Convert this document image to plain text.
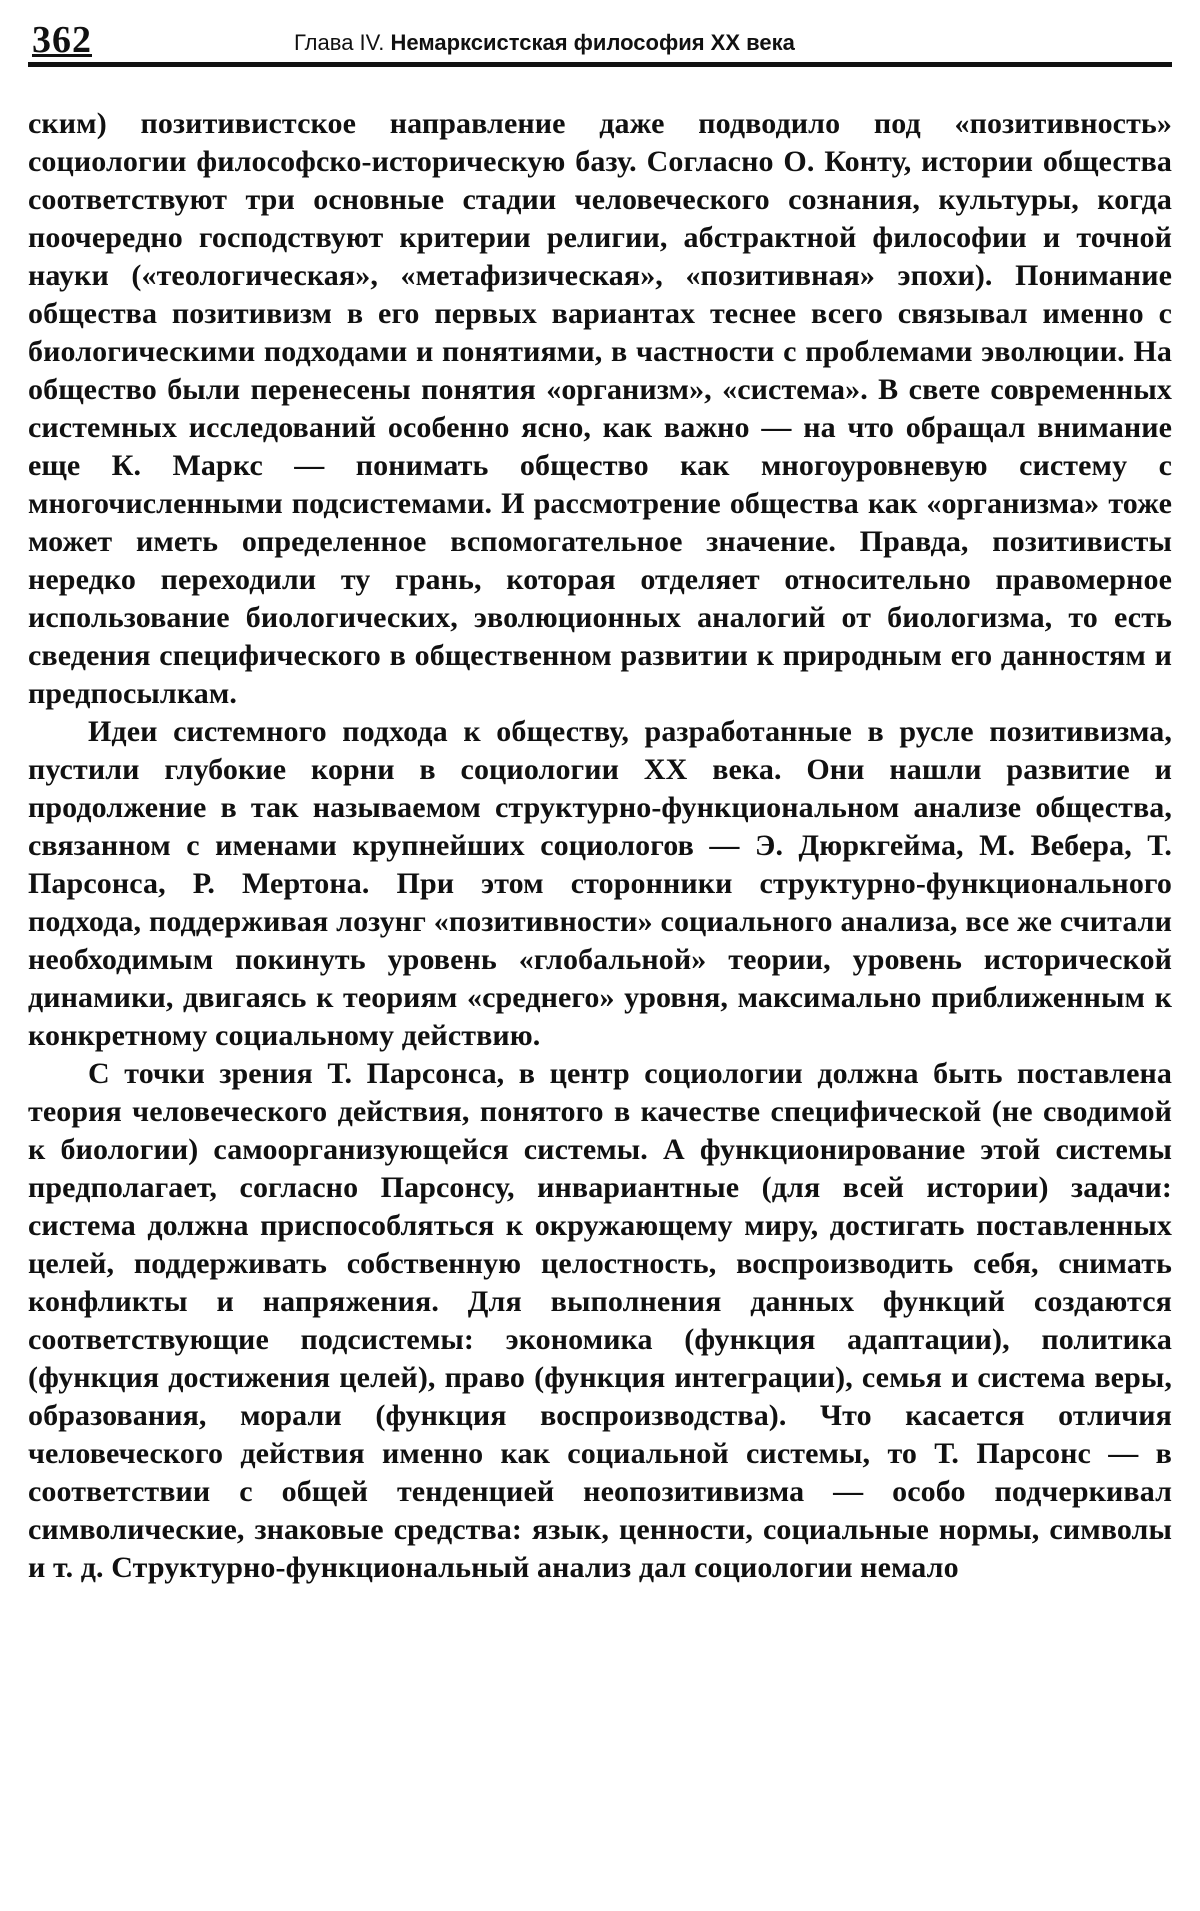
362	Глава IV. Немарксистская философия XX века

ским) позитивистское направление даже подводило под «позитивность» социологии философско-историческую базу. Согласно О. Конту, истории общества соответствуют три основные стадии человеческого сознания, культуры, когда поочередно господствуют критерии религии, абстрактной философии и точной науки («теологическая», «метафизическая», «позитивная» эпохи). Понимание общества позитивизм в его первых вариантах теснее всего связывал именно с биологическими подходами и понятиями, в частности с проблемами эволюции. На общество были перенесены понятия «организм», «система». В свете современных системных исследований особенно ясно, как важно — на что обращал внимание еще К. Маркс — понимать общество как многоуровневую систему с многочисленными подсистемами. И рассмотрение общества как «организма» тоже может иметь определенное вспомогательное значение. Правда, позитивисты нередко переходили ту грань, которая отделяет относительно правомерное использование биологических, эволюционных аналогий от биологизма, то есть сведения специфического в общественном развитии к природным его данностям и предпосылкам.

Идеи системного подхода к обществу, разработанные в русле позитивизма, пустили глубокие корни в социологии XX века. Они нашли развитие и продолжение в так называемом структурно-функциональном анализе общества, связанном с именами крупнейших социологов — Э. Дюркгейма, М. Вебера, Т. Парсонса, Р. Мертона. При этом сторонники структурно-функционального подхода, поддерживая лозунг «позитивности» социального анализа, все же считали необходимым покинуть уровень «глобальной» теории, уровень исторической динамики, двигаясь к теориям «среднего» уровня, максимально приближенным к конкретному социальному действию.

С точки зрения Т. Парсонса, в центр социологии должна быть поставлена теория человеческого действия, понятого в качестве специфической (не сводимой к биологии) самоорганизующейся системы. А функционирование этой системы предполагает, согласно Парсонсу, инвариантные (для всей истории) задачи: система должна приспособляться к окружающему миру, достигать поставленных целей, поддерживать собственную целостность, воспроизводить себя, снимать конфликты и напряжения. Для выполнения данных функций создаются соответствующие подсистемы: экономика (функция адаптации), политика (функция достижения целей), право (функция интеграции), семья и система веры, образования, морали (функция воспроизводства). Что касается отличия человеческого действия именно как социальной системы, то Т. Парсонс — в соответствии с общей тенденцией неопозитивизма — особо подчеркивал символические, знаковые средства: язык, ценности, социальные нормы, символы и т. д. Структурно-функциональный анализ дал социологии немало
